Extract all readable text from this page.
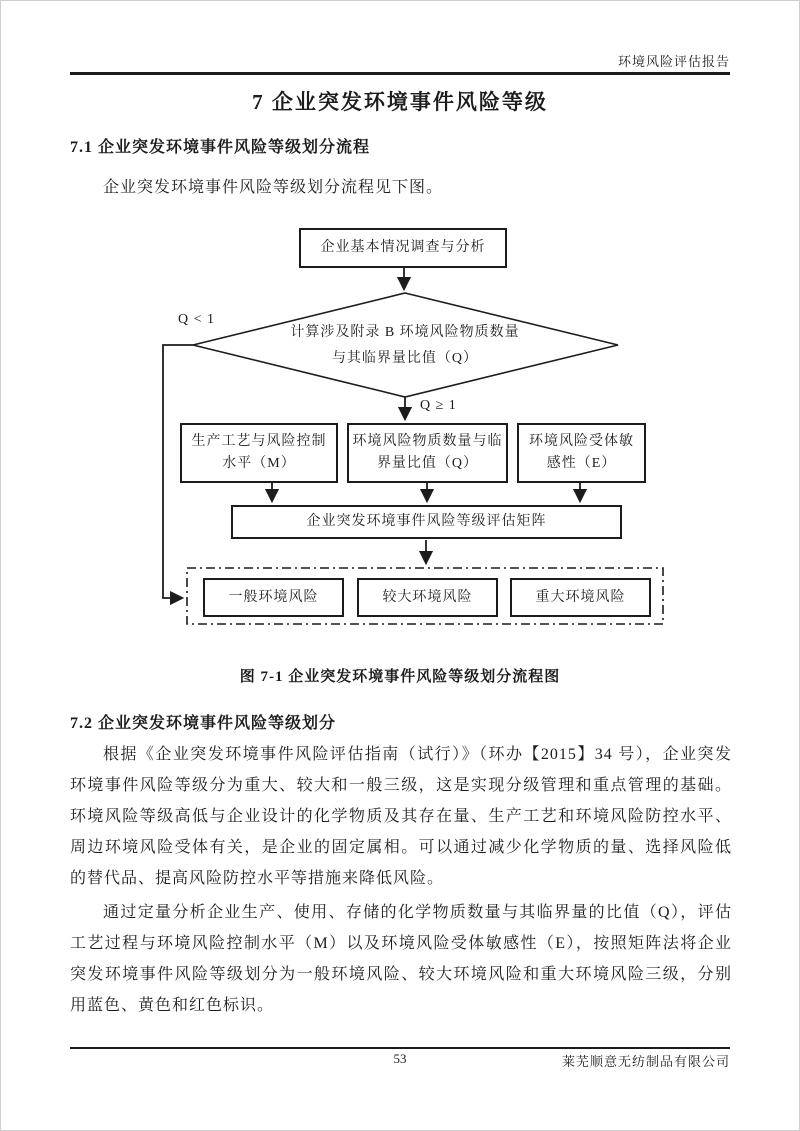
环境风险评估报告
7 企业突发环境事件风险等级
7.1 企业突发环境事件风险等级划分流程

企业突发环境事件风险等级划分流程见下图。

企业基本情况调查与分析
计算涉及附录 B 环境风险物质数量
与其临界量比值（Q）
Q < 1
Q ≥ 1
生产工艺与风险控制
水平（M）
环境风险物质数量与临
界量比值（Q）
环境风险受体敏
感性（E）
企业突发环境事件风险等级评估矩阵
一般环境风险	较大环境风险	重大环境风险
图 7-1 企业突发环境事件风险等级划分流程图
7.2 企业突发环境事件风险等级划分

根据《企业突发环境事件风险评估指南（试行）》（环办【2015】34 号），企业突发环境事件风险等级分为重大、较大和一般三级，这是实现分级管理和重点管理的基础。环境风险等级高低与企业设计的化学物质及其存在量、生产工艺和环境风险防控水平、周边环境风险受体有关，是企业的固定属相。可以通过减少化学物质的量、选择风险低的替代品、提高风险防控水平等措施来降低风险。

通过定量分析企业生产、使用、存储的化学物质数量与其临界量的比值（Q），评估工艺过程与环境风险控制水平（M）以及环境风险受体敏感性（E），按照矩阵法将企业突发环境事件风险等级划分为一般环境风险、较大环境风险和重大环境风险三级，分别用蓝色、黄色和红色标识。

53	莱芜顺意无纺制品有限公司
